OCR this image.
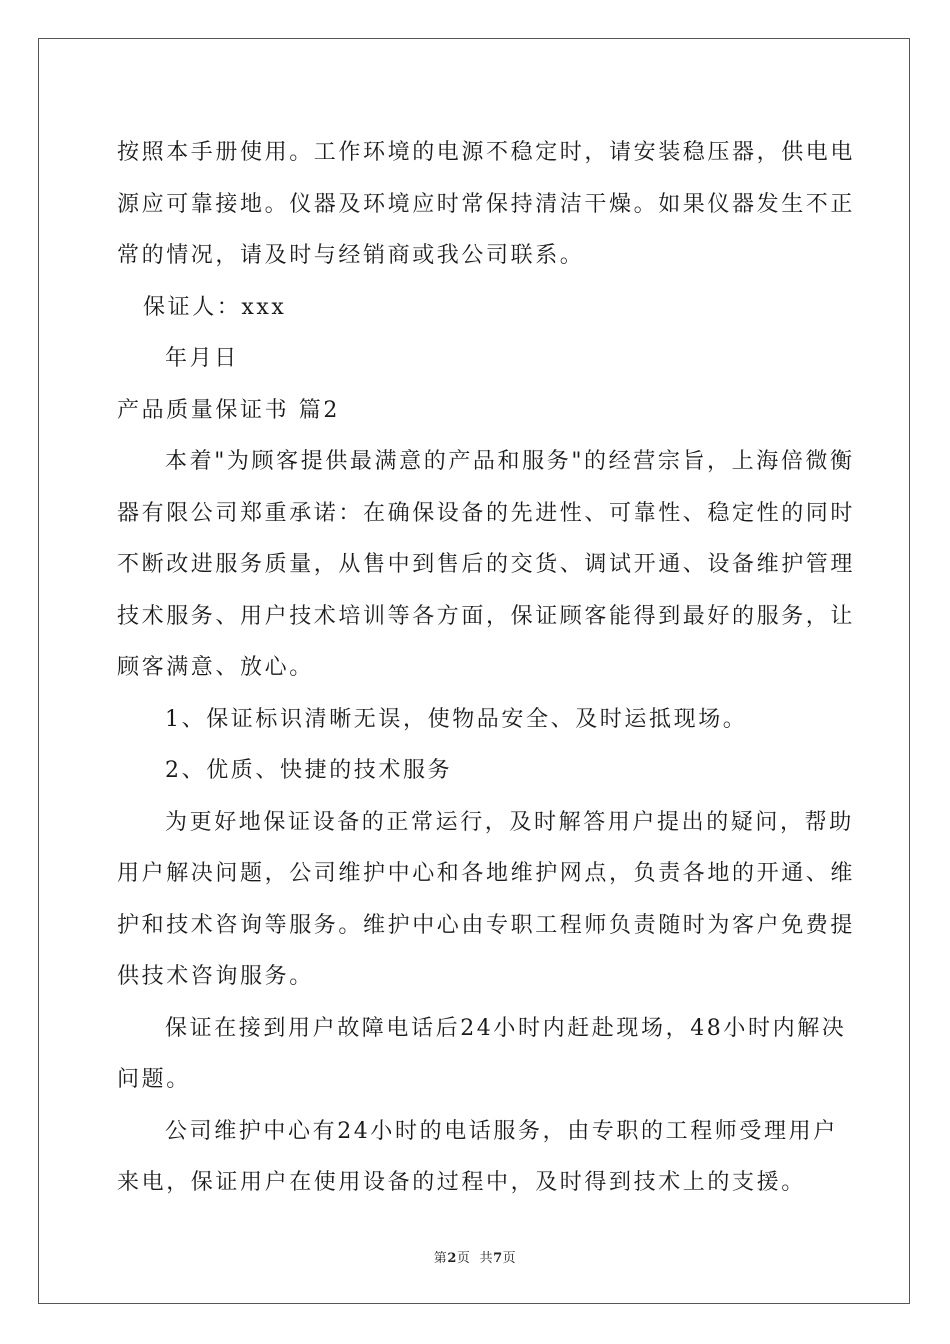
按照本手册使用。工作环境的电源不稳定时，请安装稳压器，供电电
源应可靠接地。仪器及环境应时常保持清洁干燥。如果仪器发生不正
常的情况，请及时与经销商或我公司联系。
保证人：xxx
年月日
产品质量保证书 篇2
本着"为顾客提供最满意的产品和服务"的经营宗旨，上海倍微衡
器有限公司郑重承诺：在确保设备的先进性、可靠性、稳定性的同时
不断改进服务质量，从售中到售后的交货、调试开通、设备维护管理
技术服务、用户技术培训等各方面，保证顾客能得到最好的服务，让
顾客满意、放心。
1、保证标识清晰无误，使物品安全、及时运抵现场。
2、优质、快捷的技术服务
为更好地保证设备的正常运行，及时解答用户提出的疑问，帮助
用户解决问题，公司维护中心和各地维护网点，负责各地的开通、维
护和技术咨询等服务。维护中心由专职工程师负责随时为客户免费提
供技术咨询服务。
保证在接到用户故障电话后24小时内赶赴现场，48小时内解决
问题。
公司维护中心有24小时的电话服务，由专职的工程师受理用户
来电，保证用户在使用设备的过程中，及时得到技术上的支援。
第2页  共7页
